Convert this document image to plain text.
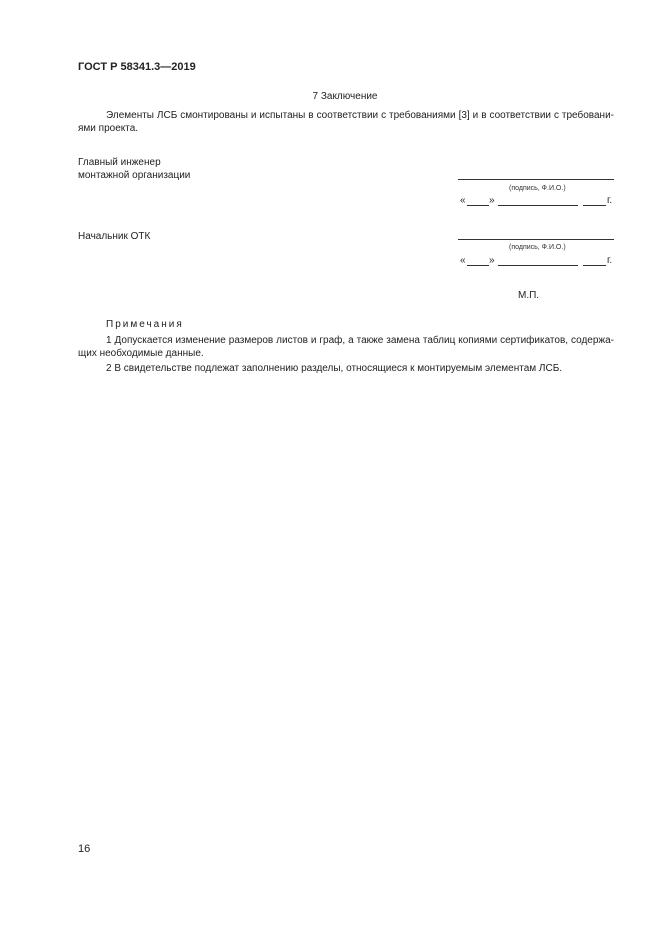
ГОСТ Р 58341.3—2019
7 Заключение
Элементы ЛСБ смонтированы и испытаны в соответствии с требованиями [3] и в соответствии с требовани-
ями проекта.
Главный инженер
монтажной организации
(подпись, Ф.И.О.)
« »	г.
Начальник ОТК
(подпись, Ф.И.О.)
« »	г.
М.П.
Примечания
1 Допускается изменение размеров листов и граф, а также замена таблиц копиями сертификатов, содержа-
щих необходимые данные.
2 В свидетельстве подлежат заполнению разделы, относящиеся к монтируемым элементам ЛСБ.
16
